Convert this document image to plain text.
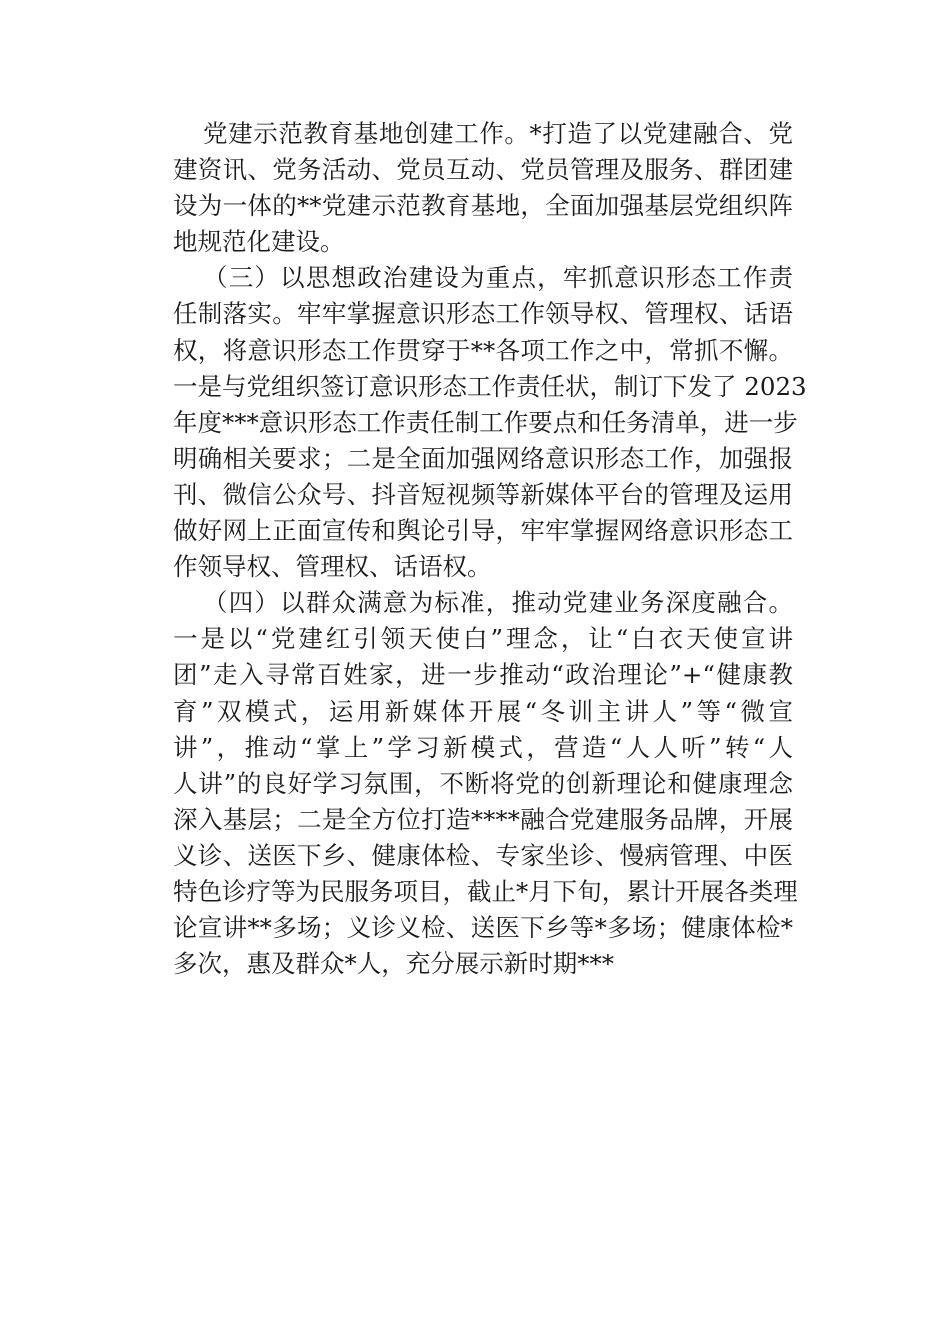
党建示范教育基地创建工作。*打造了以党建融合、党
建资讯、党务活动、党员互动、党员管理及服务、群团建
设为一体的**党建示范教育基地，全面加强基层党组织阵
地规范化建设。
（三）以思想政治建设为重点，牢抓意识形态工作责
任制落实。牢牢掌握意识形态工作领导权、管理权、话语
权，将意识形态工作贯穿于**各项工作之中，常抓不懈。
一是与党组织签订意识形态工作责任状，制订下发了 2023
年度***意识形态工作责任制工作要点和任务清单，进一步
明确相关要求；二是全面加强网络意识形态工作，加强报
刊、微信公众号、抖音短视频等新媒体平台的管理及运用
做好网上正面宣传和舆论引导，牢牢掌握网络意识形态工
作领导权、管理权、话语权。
（四）以群众满意为标准，推动党建业务深度融合。
一是以“党建红引领天使白”理念，让“白衣天使宣讲
团”走入寻常百姓家，进一步推动“政治理论”+“健康教
育”双模式，运用新媒体开展“冬训主讲人”等“微宣
讲”，推动“掌上”学习新模式，营造“人人听”转“人
人讲”的良好学习氛围，不断将党的创新理论和健康理念
深入基层；二是全方位打造****融合党建服务品牌，开展
义诊、送医下乡、健康体检、专家坐诊、慢病管理、中医
特色诊疗等为民服务项目，截止*月下旬，累计开展各类理
论宣讲**多场；义诊义检、送医下乡等*多场；健康体检*
多次，惠及群众*人，充分展示新时期***
